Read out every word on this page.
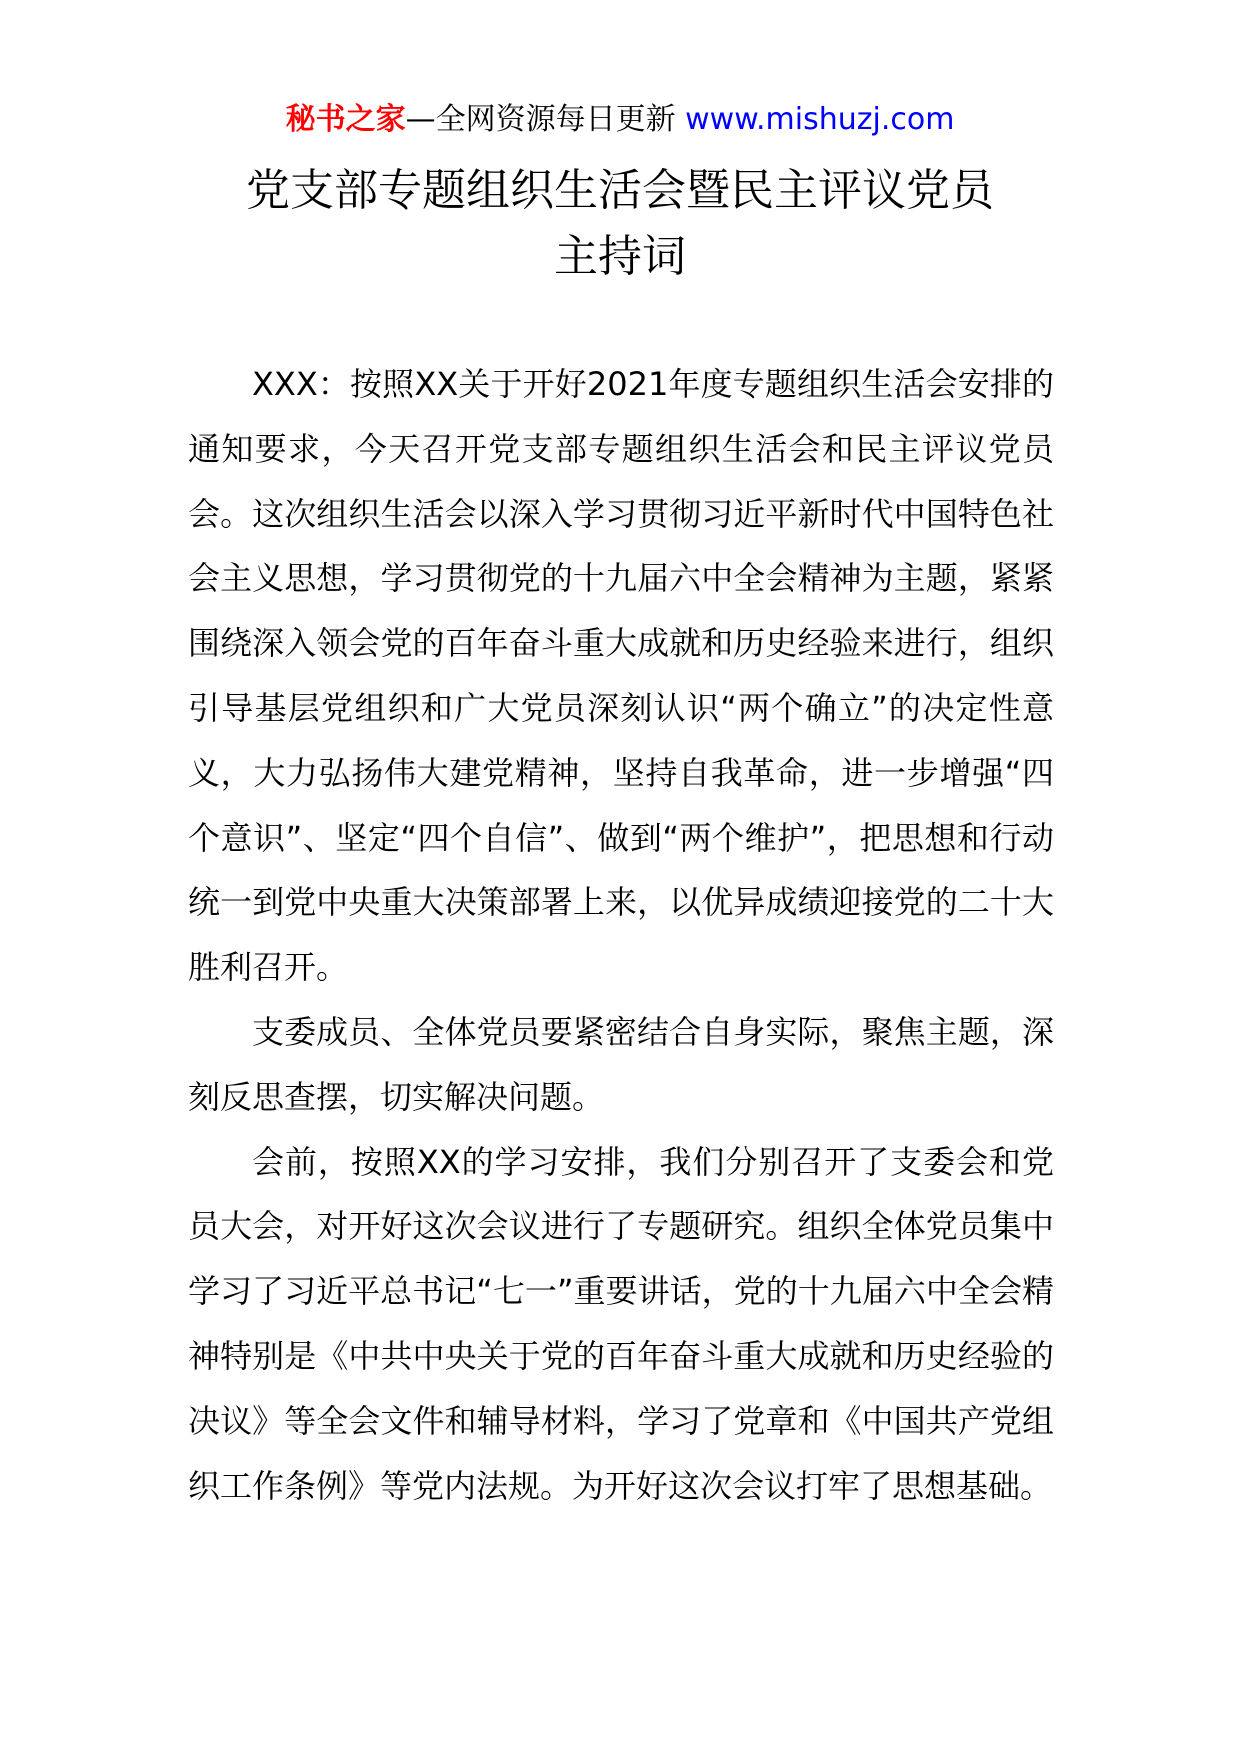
秘书之家—全网资源每日更新 www.mishuzj.com
党支部专题组织生活会暨民主评议党员
主持词

XXX：按照XX关于开好2021年度专题组织生活会安排的通知要求，今天召开党支部专题组织生活会和民主评议党员会。这次组织生活会以深入学习贯彻习近平新时代中国特色社会主义思想，学习贯彻党的十九届六中全会精神为主题，紧紧围绕深入领会党的百年奋斗重大成就和历史经验来进行，组织引导基层党组织和广大党员深刻认识“两个确立”的决定性意义，大力弘扬伟大建党精神，坚持自我革命，进一步增强“四个意识”、坚定“四个自信”、做到“两个维护”，把思想和行动统一到党中央重大决策部署上来，以优异成绩迎接党的二十大胜利召开。

支委成员、全体党员要紧密结合自身实际，聚焦主题，深刻反思查摆，切实解决问题。

会前，按照XX的学习安排，我们分别召开了支委会和党员大会，对开好这次会议进行了专题研究。组织全体党员集中学习了习近平总书记“七一”重要讲话，党的十九届六中全会精神特别是《中共中央关于党的百年奋斗重大成就和历史经验的决议》等全会文件和辅导材料，学习了党章和《中国共产党组织工作条例》等党内法规。为开好这次会议打牢了思想基础。
